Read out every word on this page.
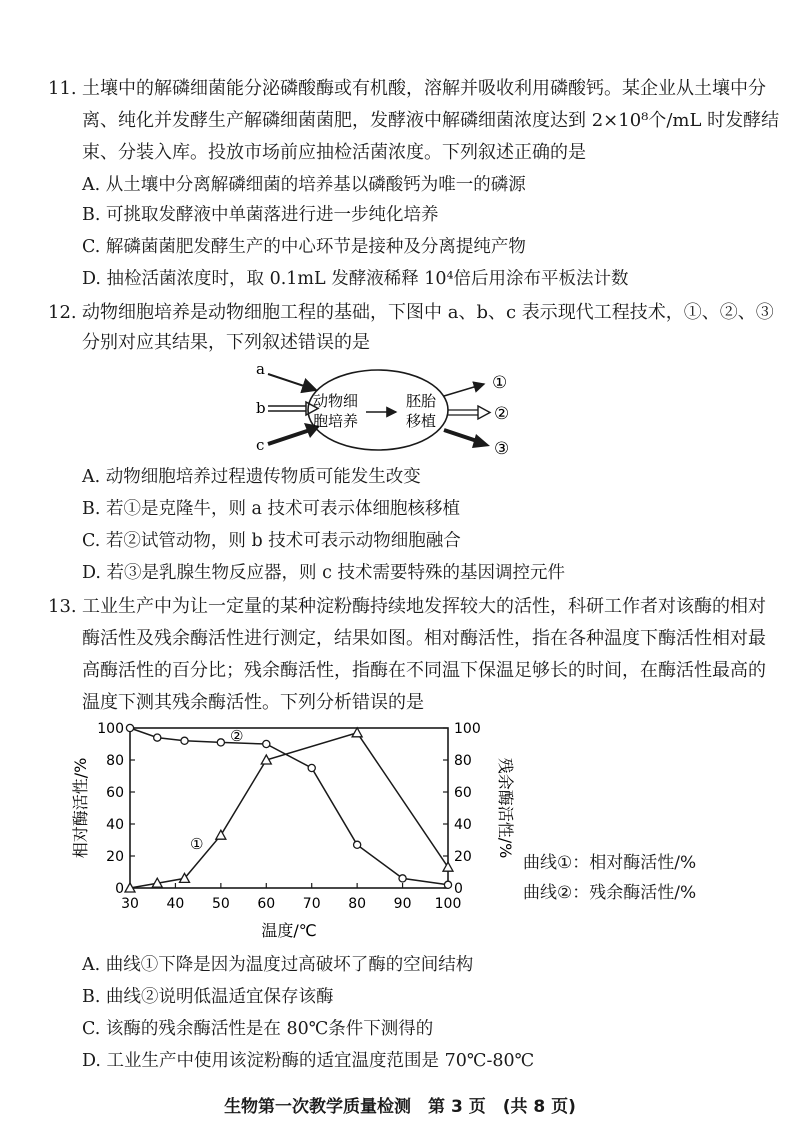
11. 土壤中的解磷细菌能分泌磷酸酶或有机酸，溶解并吸收利用磷酸钙。某企业从土壤中分
离、纯化并发酵生产解磷细菌菌肥，发酵液中解磷细菌浓度达到 2×10⁸个/mL 时发酵结
束、分装入库。投放市场前应抽检活菌浓度。下列叙述正确的是
A. 从土壤中分离解磷细菌的培养基以磷酸钙为唯一的磷源
B. 可挑取发酵液中单菌落进行进一步纯化培养
C. 解磷菌菌肥发酵生产的中心环节是接种及分离提纯产物
D. 抽检活菌浓度时，取 0.1mL 发酵液稀释 10⁴倍后用涂布平板法计数
12. 动物细胞培养是动物细胞工程的基础，下图中 a、b、c 表示现代工程技术，①、②、③
分别对应其结果，下列叙述错误的是
a
b
c
动物细
胞培养
胚胎
移植
①
②
③
A. 动物细胞培养过程遗传物质可能发生改变
B. 若①是克隆牛，则 a 技术可表示体细胞核移植
C. 若②试管动物，则 b 技术可表示动物细胞融合
D. 若③是乳腺生物反应器，则 c 技术需要特殊的基因调控元件
13. 工业生产中为让一定量的某种淀粉酶持续地发挥较大的活性，科研工作者对该酶的相对
酶活性及残余酶活性进行测定，结果如图。相对酶活性，指在各种温度下酶活性相对最
高酶活性的百分比；残余酶活性，指酶在不同温下保温足够长的时间，在酶活性最高的
温度下测其残余酶活性。下列分析错误的是
30 40 50 60 70 80 90 100
0
20
40
60
80
100
0
20
40
60
80
100
温度/℃
相对酶活性/%	残余酶活性/%
①
②
曲线①：相对酶活性/%
曲线②：残余酶活性/%
A. 曲线①下降是因为温度过高破坏了酶的空间结构
B. 曲线②说明低温适宜保存该酶
C. 该酶的残余酶活性是在 80℃条件下测得的
D. 工业生产中使用该淀粉酶的适宜温度范围是 70℃-80℃
生物第一次教学质量检测　第 3 页　(共 8 页)
